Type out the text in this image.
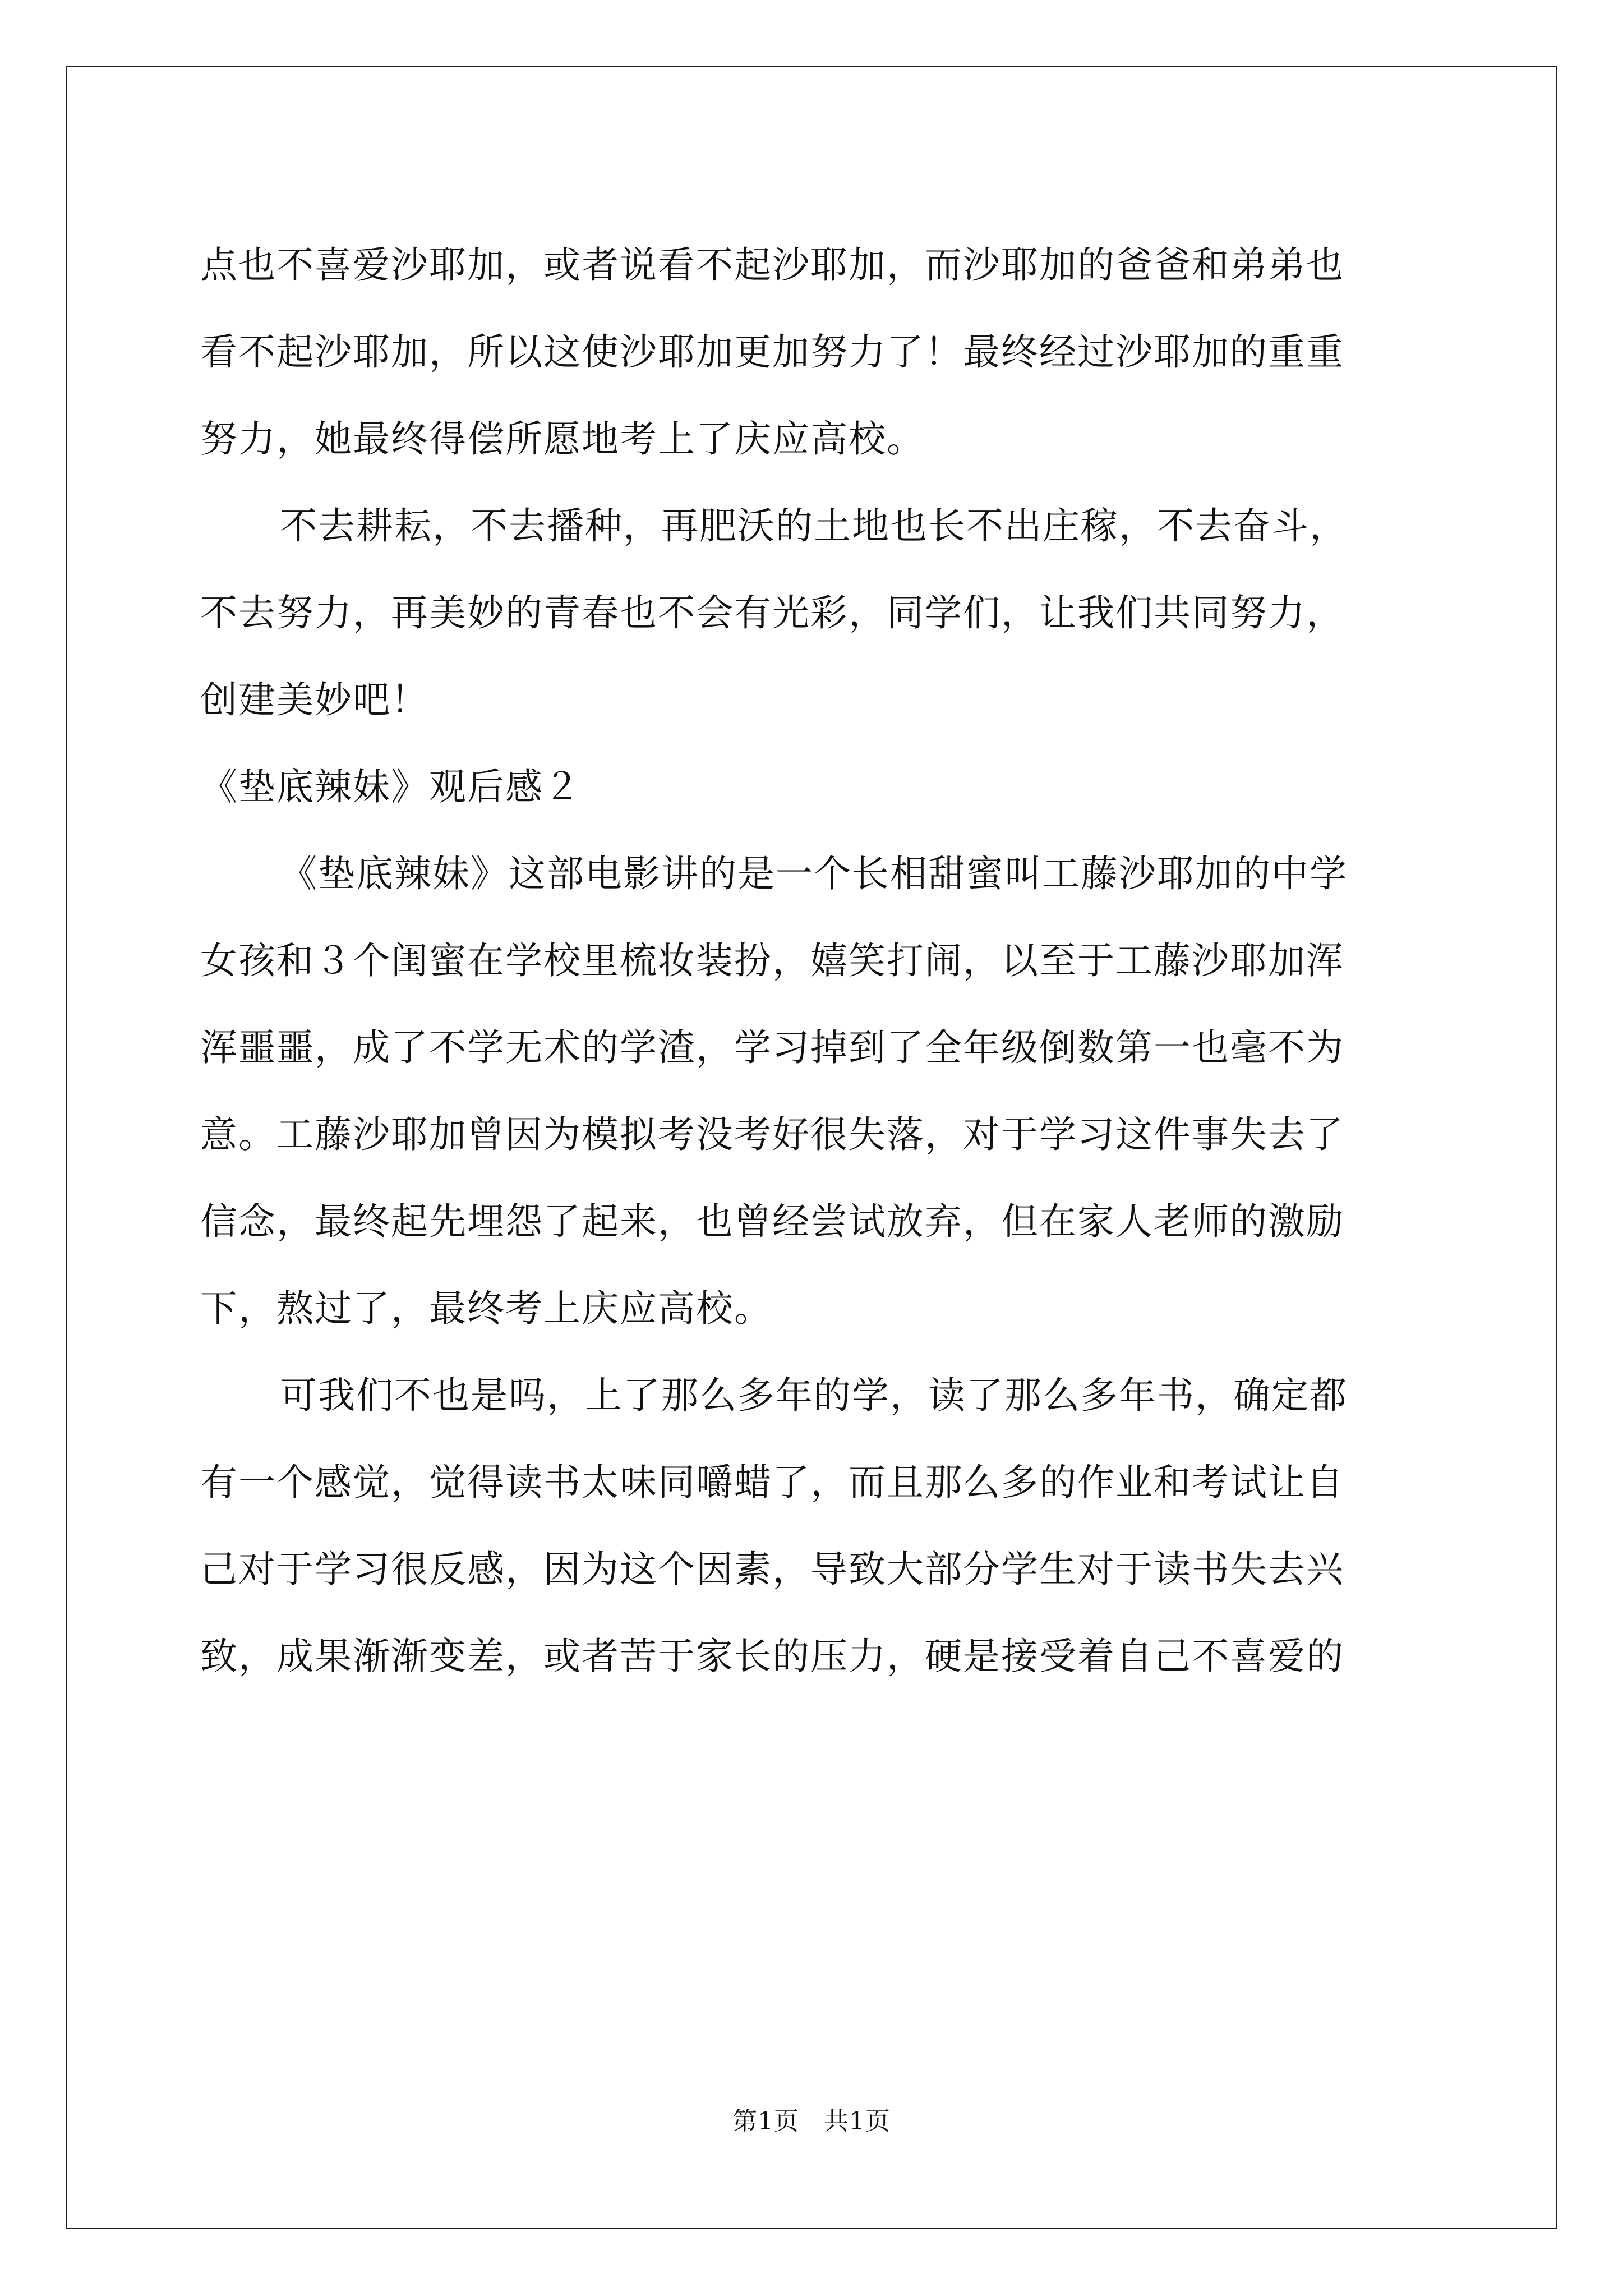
点也不喜爱沙耶加，或者说看不起沙耶加，而沙耶加的爸爸和弟弟也
看不起沙耶加，所以这使沙耶加更加努力了！最终经过沙耶加的重重
努力，她最终得偿所愿地考上了庆应高校。
不去耕耘，不去播种，再肥沃的土地也长不出庄稼，不去奋斗，
不去努力，再美妙的青春也不会有光彩，同学们，让我们共同努力，
创建美妙吧！
《垫底辣妹》观后感２
《垫底辣妹》这部电影讲的是一个长相甜蜜叫工藤沙耶加的中学
女孩和３个闺蜜在学校里梳妆装扮，嬉笑打闹，以至于工藤沙耶加浑
浑噩噩，成了不学无术的学渣，学习掉到了全年级倒数第一也毫不为
意。工藤沙耶加曾因为模拟考没考好很失落，对于学习这件事失去了
信念，最终起先埋怨了起来，也曾经尝试放弃，但在家人老师的激励
下，熬过了，最终考上庆应高校。
可我们不也是吗，上了那么多年的学，读了那么多年书，确定都
有一个感觉，觉得读书太味同嚼蜡了，而且那么多的作业和考试让自
己对于学习很反感，因为这个因素，导致大部分学生对于读书失去兴
致，成果渐渐变差，或者苦于家长的压力，硬是接受着自己不喜爱的
第1页 共1页
